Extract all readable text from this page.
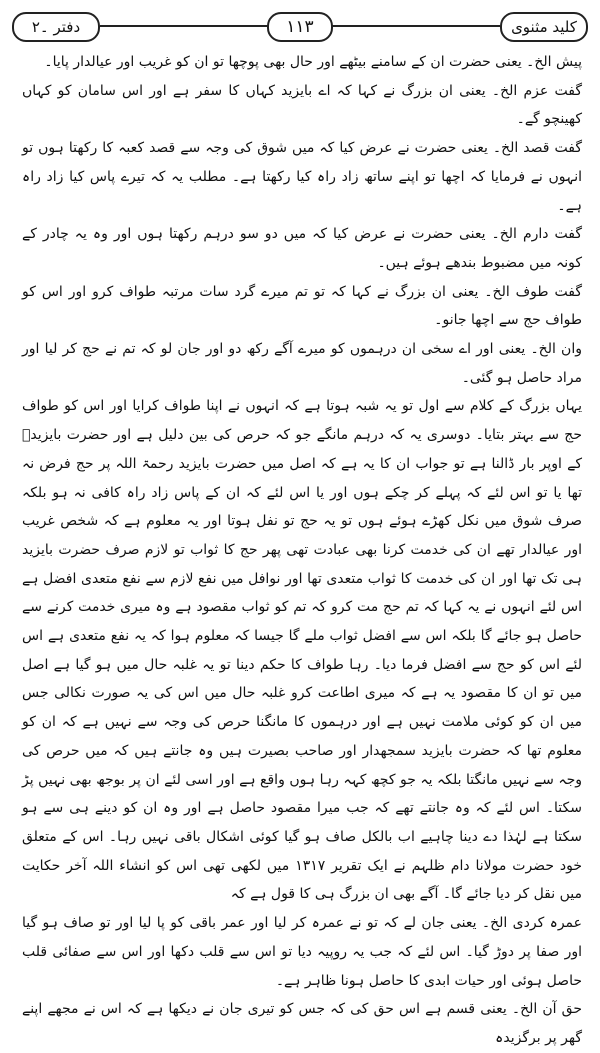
کلید مثنوی
۱۱۳
دفتر ۔۲

پیش الخ۔ یعنی حضرت ان کے سامنے بیٹھے اور حال بھی پوچھا تو ان کو غریب اور عیالدار پایا۔

گفت عزم الخ۔ یعنی ان بزرگ نے کہا کہ اے بایزید کہاں کا سفر ہے اور اس سامان کو کہاں کھینچو گے۔

گفت قصد الخ۔ یعنی حضرت نے عرض کیا کہ میں شوق کی وجہ سے قصد کعبہ کا رکھتا ہوں تو انہوں نے فرمایا کہ اچھا تو اپنے ساتھ زاد راہ کیا رکھتا ہے۔ مطلب یہ کہ تیرے پاس کیا زاد راہ ہے۔

گفت دارم الخ۔ یعنی حضرت نے عرض کیا کہ میں دو سو درہم رکھتا ہوں اور وہ یہ چادر کے کونہ میں مضبوط بندھے ہوئے ہیں۔

گفت طوف الخ۔ یعنی ان بزرگ نے کہا کہ تو تم میرے گرد سات مرتبہ طواف کرو اور اس کو طواف حج سے اچھا جانو۔

وان الخ۔ یعنی اور اے سخی ان درہموں کو میرے آگے رکھ دو اور جان لو کہ تم نے حج کر لیا اور مراد حاصل ہو گئی۔

یہاں بزرگ کے کلام سے اول تو یہ شبہ ہوتا ہے کہ انہوں نے اپنا طواف کرایا اور اس کو طواف حج سے بہتر بتایا۔ دوسری یہ کہ درہم مانگے جو کہ حرص کی بین دلیل ہے اور حضرت بایزیدؒ کے اوپر بار ڈالنا ہے تو جواب ان کا یہ ہے کہ اصل میں حضرت بایزید رحمۃ اللہ پر حج فرض نہ تھا یا تو اس لئے کہ پہلے کر چکے ہوں اور یا اس لئے کہ ان کے پاس زاد راہ کافی نہ ہو بلکہ صرف شوق میں نکل کھڑے ہوئے ہوں تو یہ حج تو نفل ہوتا اور یہ معلوم ہے کہ شخص غریب اور عیالدار تھے ان کی خدمت کرنا بھی عبادت تھی پھر حج کا ثواب تو لازم صرف حضرت بایزید ہی تک تھا اور ان کی خدمت کا ثواب متعدی تھا اور نوافل میں نفع لازم سے نفع متعدی افضل ہے اس لئے انہوں نے یہ کہا کہ تم حج مت کرو کہ تم کو ثواب مقصود ہے وہ میری خدمت کرنے سے حاصل ہو جائے گا بلکہ اس سے افضل ثواب ملے گا جیسا کہ معلوم ہوا کہ یہ نفع متعدی ہے اس لئے اس کو حج سے افضل فرما دیا۔ رہا طواف کا حکم دینا تو یہ غلبہ حال میں ہو گیا ہے اصل میں تو ان کا مقصود یہ ہے کہ میری اطاعت کرو غلبہ حال میں اس کی یہ صورت نکالی جس میں ان کو کوئی ملامت نہیں ہے اور درہموں کا مانگنا حرص کی وجہ سے نہیں ہے کہ ان کو معلوم تھا کہ حضرت بایزید سمجھدار اور صاحب بصیرت ہیں وہ جانتے ہیں کہ میں حرص کی وجہ سے نہیں مانگتا بلکہ یہ جو کچھ کہہ رہا ہوں واقع ہے اور اسی لئے ان پر بوجھ بھی نہیں پڑ سکتا۔ اس لئے کہ وہ جانتے تھے کہ جب میرا مقصود حاصل ہے اور وہ ان کو دینے ہی سے ہو سکتا ہے لہٰذا دے دینا چاہیے اب بالکل صاف ہو گیا کوئی اشکال باقی نہیں رہا۔ اس کے متعلق خود حضرت مولانا دام ظلہم نے ایک تقریر ۱۳۱۷ میں لکھی تھی اس کو انشاء اللہ آخر حکایت میں نقل کر دیا جائے گا۔ آگے بھی ان بزرگ ہی کا قول ہے کہ

عمرہ کردی الخ۔ یعنی جان لے کہ تو نے عمرہ کر لیا اور عمر باقی کو پا لیا اور تو صاف ہو گیا اور صفا پر دوڑ گیا۔ اس لئے کہ جب یہ روپیہ دیا تو اس سے قلب دکھا اور اس سے صفائی قلب حاصل ہوئی اور حیات ابدی کا حاصل ہونا ظاہر ہے۔

حق آن الخ۔ یعنی قسم ہے اس حق کی کہ جس کو تیری جان نے دیکھا ہے کہ اس نے مجھے اپنے گھر پر برگزیدہ
